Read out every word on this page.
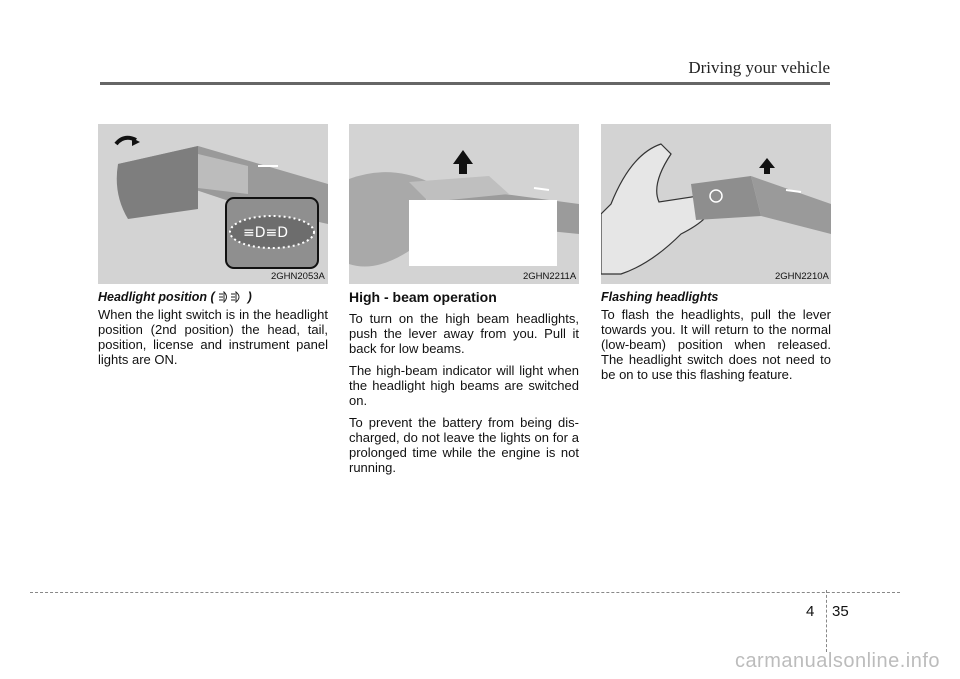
Driving your vehicle
≡D≡D
2GHN2053A	2GHN2211A	2GHN2210A
Headlight position (	)

When the light switch is in the headlight position (2nd position) the head, tail, position, license and instrument panel lights are ON.

High - beam operation

To turn on the high beam headlights, push the lever away from you. Pull it back for low beams.

The high-beam indicator will light when the headlight high beams are switched on.

To prevent the battery from being dis-charged, do not leave the lights on for a prolonged time while the engine is not running.

Flashing headlights

To flash the headlights, pull the lever towards you. It will return to the normal (low-beam) position when released. The headlight switch does not need to be on to use this flashing feature.

4 35
carmanualsonline.info
